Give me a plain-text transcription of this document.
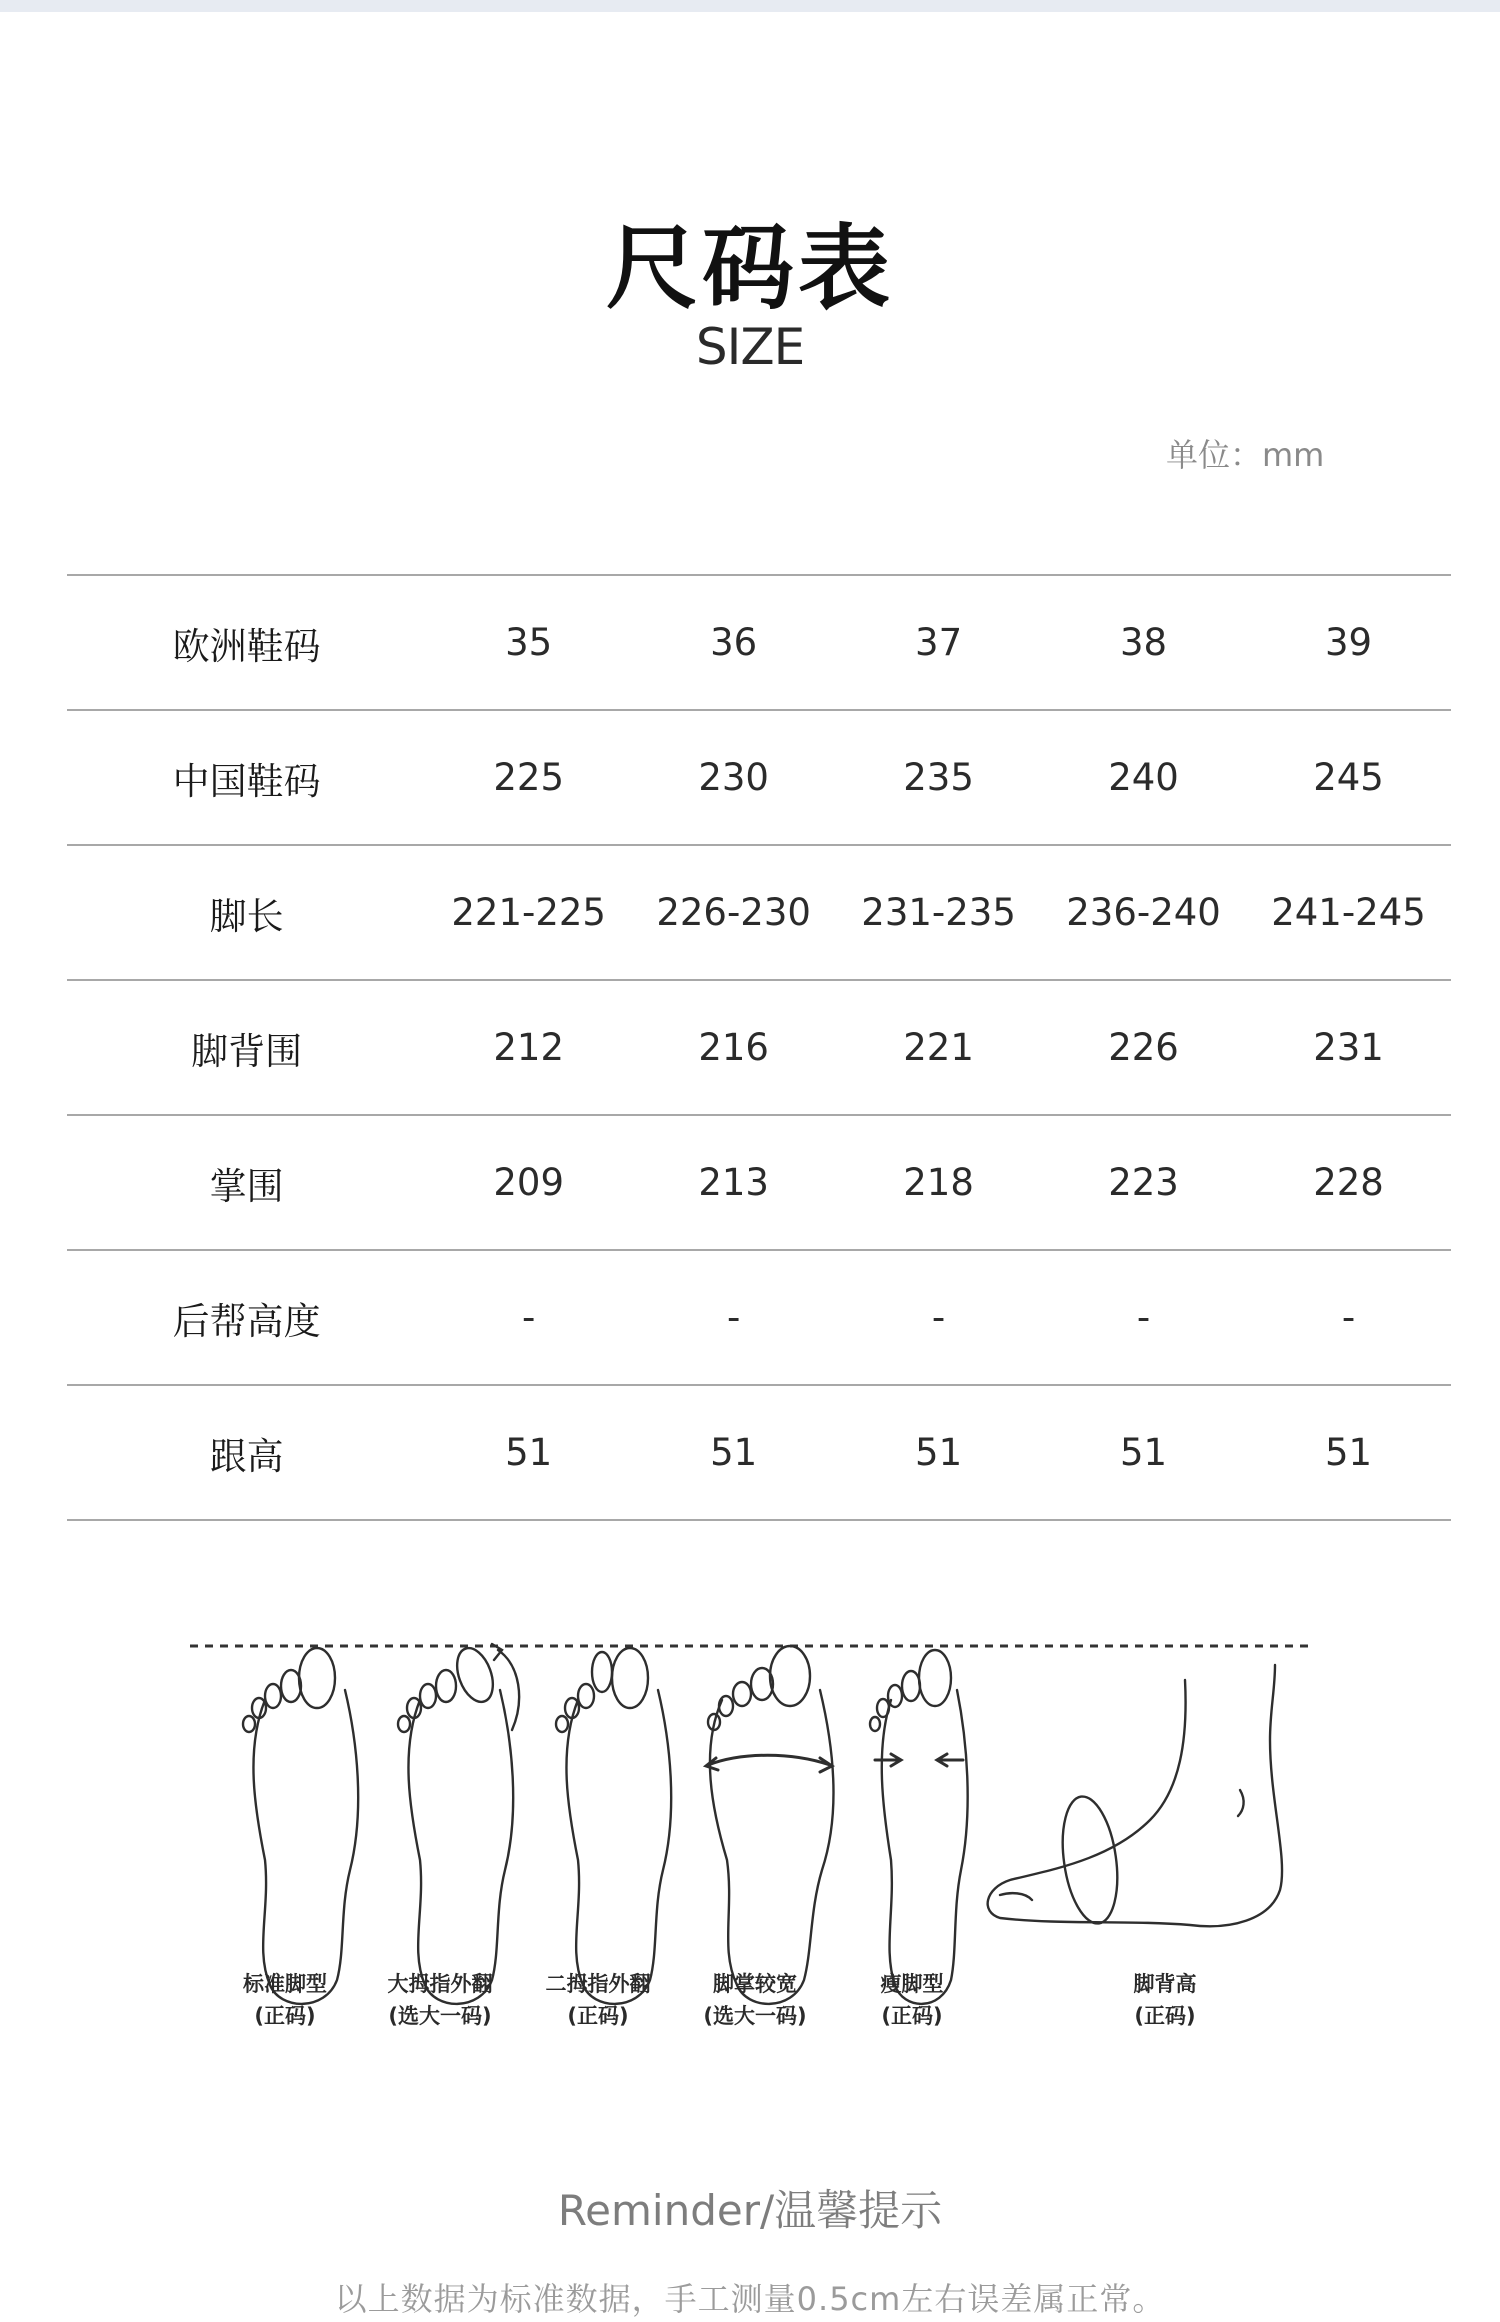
尺码表
SIZE
单位：mm
欧洲鞋码	35	36	37	38	39
中国鞋码	225	230	235	240	245
脚长	221-225	226-230	231-235	236-240	241-245
脚背围	212	216	221	226	231
掌围	209	213	218	223	228
后帮高度	-	-	-	-	-
跟高	51	51	51	51	51
标准脚型
(正码)
大拇指外翻
(选大一码)
二拇指外翻
(正码)
脚掌较宽
(选大一码)
瘦脚型
(正码)
脚背高
(正码)
Reminder/温馨提示
以上数据为标准数据，手工测量0.5cm左右误差属正常。
